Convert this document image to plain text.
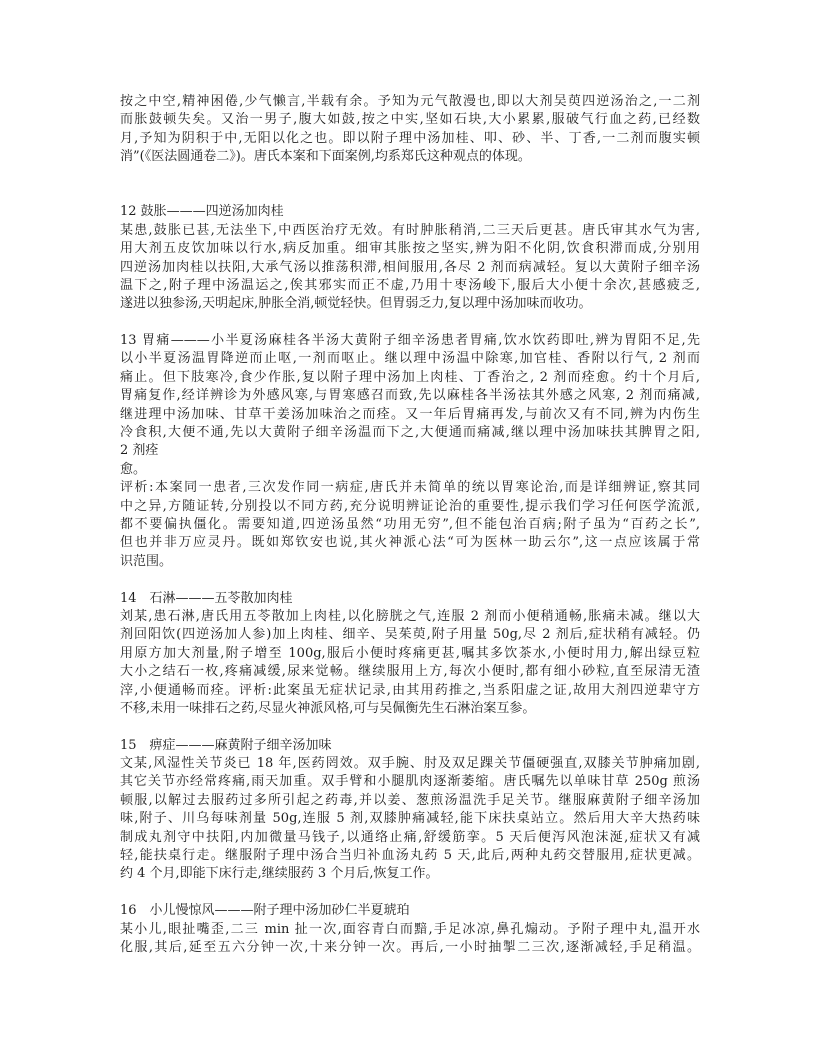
按之中空,精神困倦,少气懒言,半载有余。予知为元气散漫也,即以大剂吴萸四逆汤治之,一二剂
而胀鼓顿失矣。又治一男子,腹大如鼓,按之中实,坚如石块,大小累累,服破气行血之药,已经数
月,予知为阴积于中,无阳以化之也。即以附子理中汤加桂、叩、砂、半、丁香,一二剂而腹实顿
消”(《医法圆通卷二》)。唐氏本案和下面案例,均系郑氏这种观点的体现。
12 鼓胀———四逆汤加肉桂
某患,鼓胀已甚,无法坐下,中西医治疗无效。有时肿胀稍消,二三天后更甚。唐氏审其水气为害,
用大剂五皮饮加味以行水,病反加重。细审其胀按之坚实,辨为阳不化阴,饮食积滞而成,分别用
四逆汤加肉桂以扶阳,大承气汤以推荡积滞,相间服用,各尽 2 剂而病减轻。复以大黄附子细辛汤
温下之,附子理中汤温运之,俟其邪实而正不虚,乃用十枣汤峻下,服后大小便十余次,甚感疲乏,
遂进以独参汤,天明起床,肿胀全消,顿觉轻快。但胃弱乏力,复以理中汤加味而收功。
13 胃痛———小半夏汤麻桂各半汤大黄附子细辛汤患者胃痛,饮水饮药即吐,辨为胃阳不足,先
以小半夏汤温胃降逆而止呕,一剂而呕止。继以理中汤温中除寒,加官桂、香附以行气, 2 剂而
痛止。但下肢寒冷,食少作胀,复以附子理中汤加上肉桂、丁香治之, 2 剂而痊愈。约十个月后,
胃痛复作,经详辨诊为外感风寒,与胃寒感召而致,先以麻桂各半汤祛其外感之风寒, 2 剂而痛减,
继进理中汤加味、甘草干姜汤加味治之而痊。又一年后胃痛再发,与前次又有不同,辨为内伤生
冷食积,大便不通,先以大黄附子细辛汤温而下之,大便通而痛减,继以理中汤加味扶其脾胃之阳,
2 剂痊
愈。
评析:本案同一患者,三次发作同一病症,唐氏并未简单的统以胃寒论治,而是详细辨证,察其同
中之异,方随证转,分别投以不同方药,充分说明辨证论治的重要性,提示我们学习任何医学流派,
都不要偏执僵化。需要知道,四逆汤虽然“功用无穷”,但不能包治百病;附子虽为“百药之长”,
但也并非万应灵丹。既如郑钦安也说,其火神派心法“可为医林一助云尔”,这一点应该属于常
识范围。
14　石淋———五苓散加肉桂
刘某,患石淋,唐氏用五苓散加上肉桂,以化膀胱之气,连服 2 剂而小便稍通畅,胀痛未减。继以大
剂回阳饮(四逆汤加人参)加上肉桂、细辛、吴茱萸,附子用量 50g,尽 2 剂后,症状稍有减轻。仍
用原方加大剂量,附子增至 100g,服后小便时疼痛更甚,嘱其多饮茶水,小便时用力,解出绿豆粒
大小之结石一枚,疼痛减缓,尿来觉畅。继续服用上方,每次小便时,都有细小砂粒,直至尿清无渣
滓,小便通畅而痊。评析:此案虽无症状记录,由其用药推之,当系阳虚之证,故用大剂四逆辈守方
不移,未用一味排石之药,尽显火神派风格,可与吴佩衡先生石淋治案互参。
15　痹症———麻黄附子细辛汤加味
文某,风湿性关节炎已 18 年,医药罔效。双手腕、肘及双足踝关节僵硬强直,双膝关节肿痛加剧,
其它关节亦经常疼痛,雨天加重。双手臂和小腿肌肉逐渐萎缩。唐氏嘱先以单味甘草 250g 煎汤
顿服,以解过去服药过多所引起之药毒,并以姜、葱煎汤温洗手足关节。继服麻黄附子细辛汤加
味,附子、川乌每味剂量 50g,连服 5 剂,双膝肿痛减轻,能下床扶桌站立。然后用大辛大热药味
制成丸剂守中扶阳,内加微量马钱子,以通络止痛,舒缓筋挛。5 天后便泻风泡沫涎,症状又有减
轻,能扶桌行走。继服附子理中汤合当归补血汤丸药 5 天,此后,两种丸药交替服用,症状更减。
约 4 个月,即能下床行走,继续服药 3 个月后,恢复工作。
16　小儿慢惊风———附子理中汤加砂仁半夏琥珀
某小儿,眼扯嘴歪,二三 min 扯一次,面容青白而黯,手足冰凉,鼻孔煽动。予附子理中丸,温开水
化服,其后,延至五六分钟一次,十来分钟一次。再后,一小时抽掣二三次,逐渐减轻,手足稍温。
